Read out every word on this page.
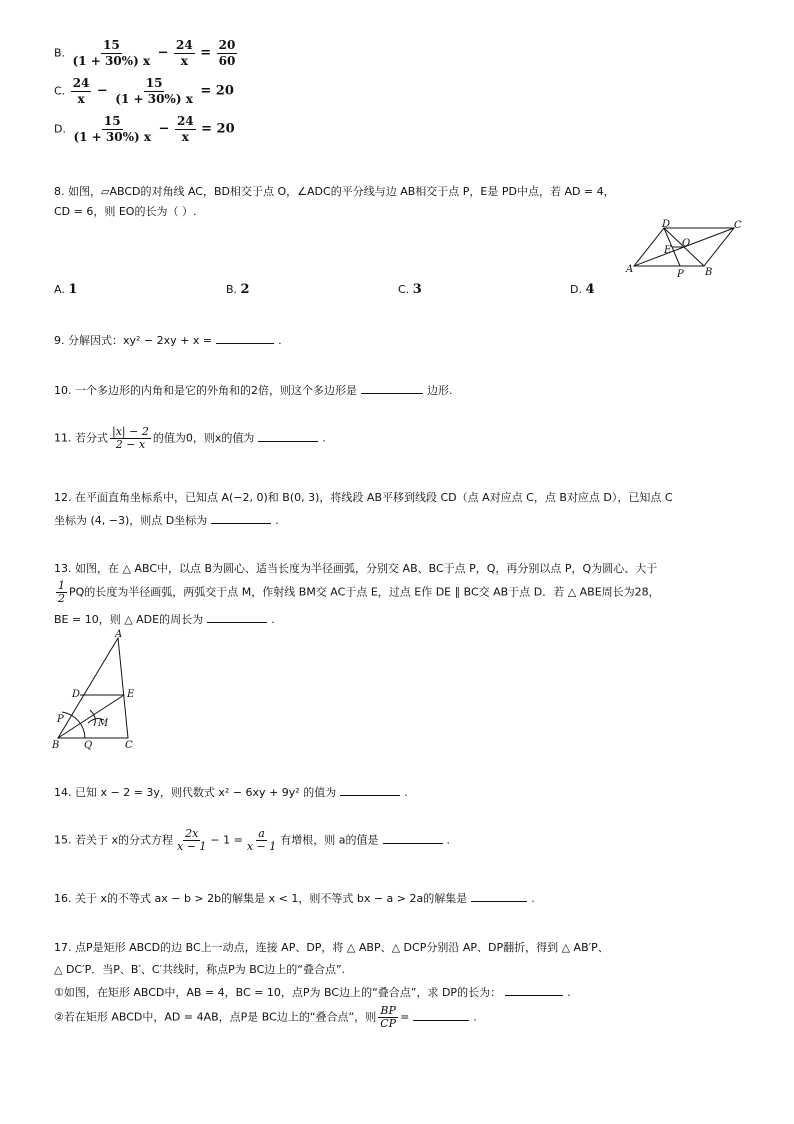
B. $\frac{15}{(1 + 30\%) x} - \frac{24}{x} = \frac{20}{60}$
C. $\frac{24}{x} - \frac{15}{(1 + 30\%) x} = 20$
D. $\frac{15}{(1 + 30\%) x} - \frac{24}{x} = 20$
8. 如图，▱ABCD的对角线 AC，BD相交于点 O，∠ADC的平分线与边 AB相交于点 P，E是 PD中点，若 AD = 4，
CD = 6，则 EO的长为（ ）.
A	B
C
D
O
E
P
A. 1	B. 2	C. 3	D. 4
9. 分解因式：xy² − 2xy + x =	.
10. 一个多边形的内角和是它的外角和的2倍，则这个多边形是	边形.
11. 若分式 $\frac{|x| - 2}{2 - x}$ 的值为0，则x的值为	.
12. 在平面直角坐标系中，已知点 A(−2, 0)和 B(0, 3)，将线段 AB平移到线段 CD（点 A对应点 C，点 B对应点 D），已知点 C
坐标为 (4, −3)，则点 D坐标为	.
13. 如图，在 △ ABC中，以点 B为圆心、适当长度为半径画弧，分别交 AB、BC于点 P，Q，再分别以点 P，Q为圆心、大于
$\frac{1}{2}$ PQ的长度为半径画弧，两弧交于点 M，作射线 BM交 AC于点 E，过点 E作 DE ∥ BC交 AB于点 D．若 △ ABE周长为28，
BE = 10，则 △ ADE的周长为	.
A
B	C
D	E
M
P
Q
14. 已知 x − 2 = 3y，则代数式 x² − 6xy + 9y² 的值为	.
15. 若关于 x的分式方程 $\frac{2x}{x - 1} - 1 = \frac{a}{x - 1}$ 有增根，则 a的值是	.
16. 关于 x的不等式 ax − b > 2b的解集是 x < 1，则不等式 bx − a > 2a的解集是	.
17. 点P是矩形 ABCD的边 BC上一动点，连接 AP、DP，将 △ ABP、△ DCP分别沿 AP、DP翻折，得到 △ AB′P、
△ DC′P．当P、B′、C′共线时，称点P为 BC边上的“叠合点”.
①如图，在矩形 ABCD中，AB = 4，BC = 10，点P为 BC边上的“叠合点”，求 DP的长为：	.
②若在矩形 ABCD中，AD = 4AB，点P是 BC边上的“叠合点”，则 $\frac{BP}{CP}$ =	.
